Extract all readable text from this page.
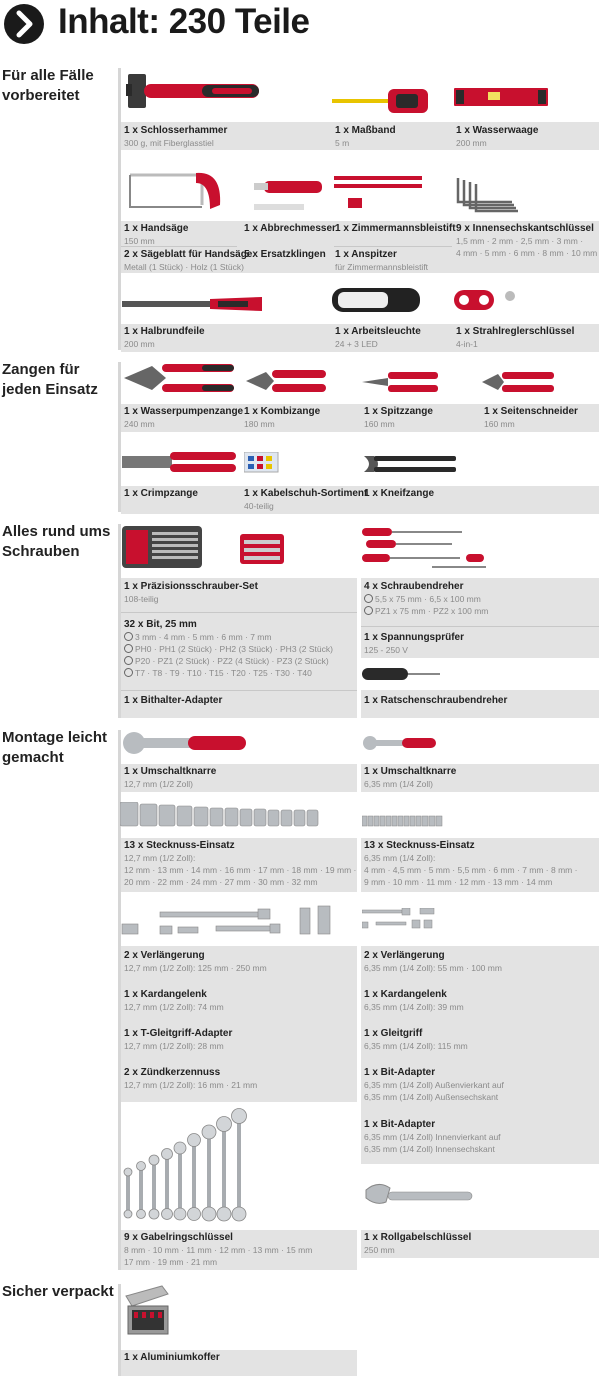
Inhalt: 230 Teile
Für alle Fälle
vorbereitet
Zangen für
jeden Einsatz
Alles rund ums
Schrauben
Montage leicht
gemacht
Sicher verpackt
1 x Schlosserhammer
300 g, mit Fiberglasstiel
1 x Maßband
5 m
1 x Wasserwaage
200 mm
1 x Handsäge
150 mm
2 x Sägeblatt für Handsäge
Metall (1 Stück) · Holz (1 Stück)
1 x Abbrechmesser
5 x Ersatzklingen
1 x Zimmermannsbleistift
1 x Anspitzer
für Zimmermannsbleistift
9 x Innensechskantschlüssel
1,5 mm · 2 mm · 2,5 mm · 3 mm ·
4 mm · 5 mm · 6 mm · 8 mm · 10 mm
1 x Halbrundfeile
200 mm
1 x Arbeitsleuchte
24 + 3 LED
1 x Strahlreglerschlüssel
4-in-1
1 x Wasserpumpenzange
240 mm
1 x Kombizange
180 mm
1 x Spitzzange
160 mm
1 x Seitenschneider
160 mm
1 x Crimpzange	1 x Kabelschuh-Sortiment
40-teilig
1 x Kneifzange
1 x Präzisionsschrauber-Set
108-teilig
32 x Bit, 25 mm
3 mm · 4 mm · 5 mm · 6 mm · 7 mm
PH0 · PH1 (2 Stück) · PH2 (3 Stück) · PH3 (2 Stück)
P20 · PZ1 (2 Stück) · PZ2 (4 Stück) · PZ3 (2 Stück)
T7 · T8 · T9 · T10 · T15 · T20 · T25 · T30 · T40
1 x Bithalter-Adapter
4 x Schraubendreher
5,5 x 75 mm · 6,5 x 100 mm
PZ1 x 75 mm · PZ2 x 100 mm
1 x Spannungsprüfer
125 - 250 V
1 x Ratschenschraubendreher
1 x Umschaltknarre
12,7 mm (1/2 Zoll)
1 x Umschaltknarre
6,35 mm (1/4 Zoll)
13 x Stecknuss-Einsatz
12,7 mm (1/2 Zoll):
12 mm · 13 mm · 14 mm · 16 mm · 17 mm · 18 mm · 19 mm ·
20 mm · 22 mm · 24 mm · 27 mm · 30 mm · 32 mm
13 x Stecknuss-Einsatz
6,35 mm (1/4 Zoll):
4 mm · 4,5 mm · 5 mm · 5,5 mm · 6 mm · 7 mm · 8 mm ·
9 mm · 10 mm · 11 mm · 12 mm · 13 mm · 14 mm
2 x Verlängerung
12,7 mm (1/2 Zoll): 125 mm · 250 mm
1 x Kardangelenk
12,7 mm (1/2 Zoll): 74 mm
1 x T-Gleitgriff-Adapter
12,7 mm (1/2 Zoll): 28 mm
2 x Zündkerzennuss
12,7 mm (1/2 Zoll): 16 mm · 21 mm
2 x Verlängerung
6,35 mm (1/4 Zoll): 55 mm · 100 mm
1 x Kardangelenk
6,35 mm (1/4 Zoll): 39 mm
1 x Gleitgriff
6,35 mm (1/4 Zoll): 115 mm
1 x Bit-Adapter
6,35 mm (1/4 Zoll) Außenvierkant auf
6,35 mm (1/4 Zoll) Außensechskant
1 x Bit-Adapter
6,35 mm (1/4 Zoll) Innenvierkant auf
6,35 mm (1/4 Zoll) Innensechskant
9 x Gabelringschlüssel
8 mm · 10 mm · 11 mm · 12 mm · 13 mm · 15 mm
17 mm · 19 mm · 21 mm
1 x Rollgabelschlüssel
250 mm
1 x Aluminiumkoffer
